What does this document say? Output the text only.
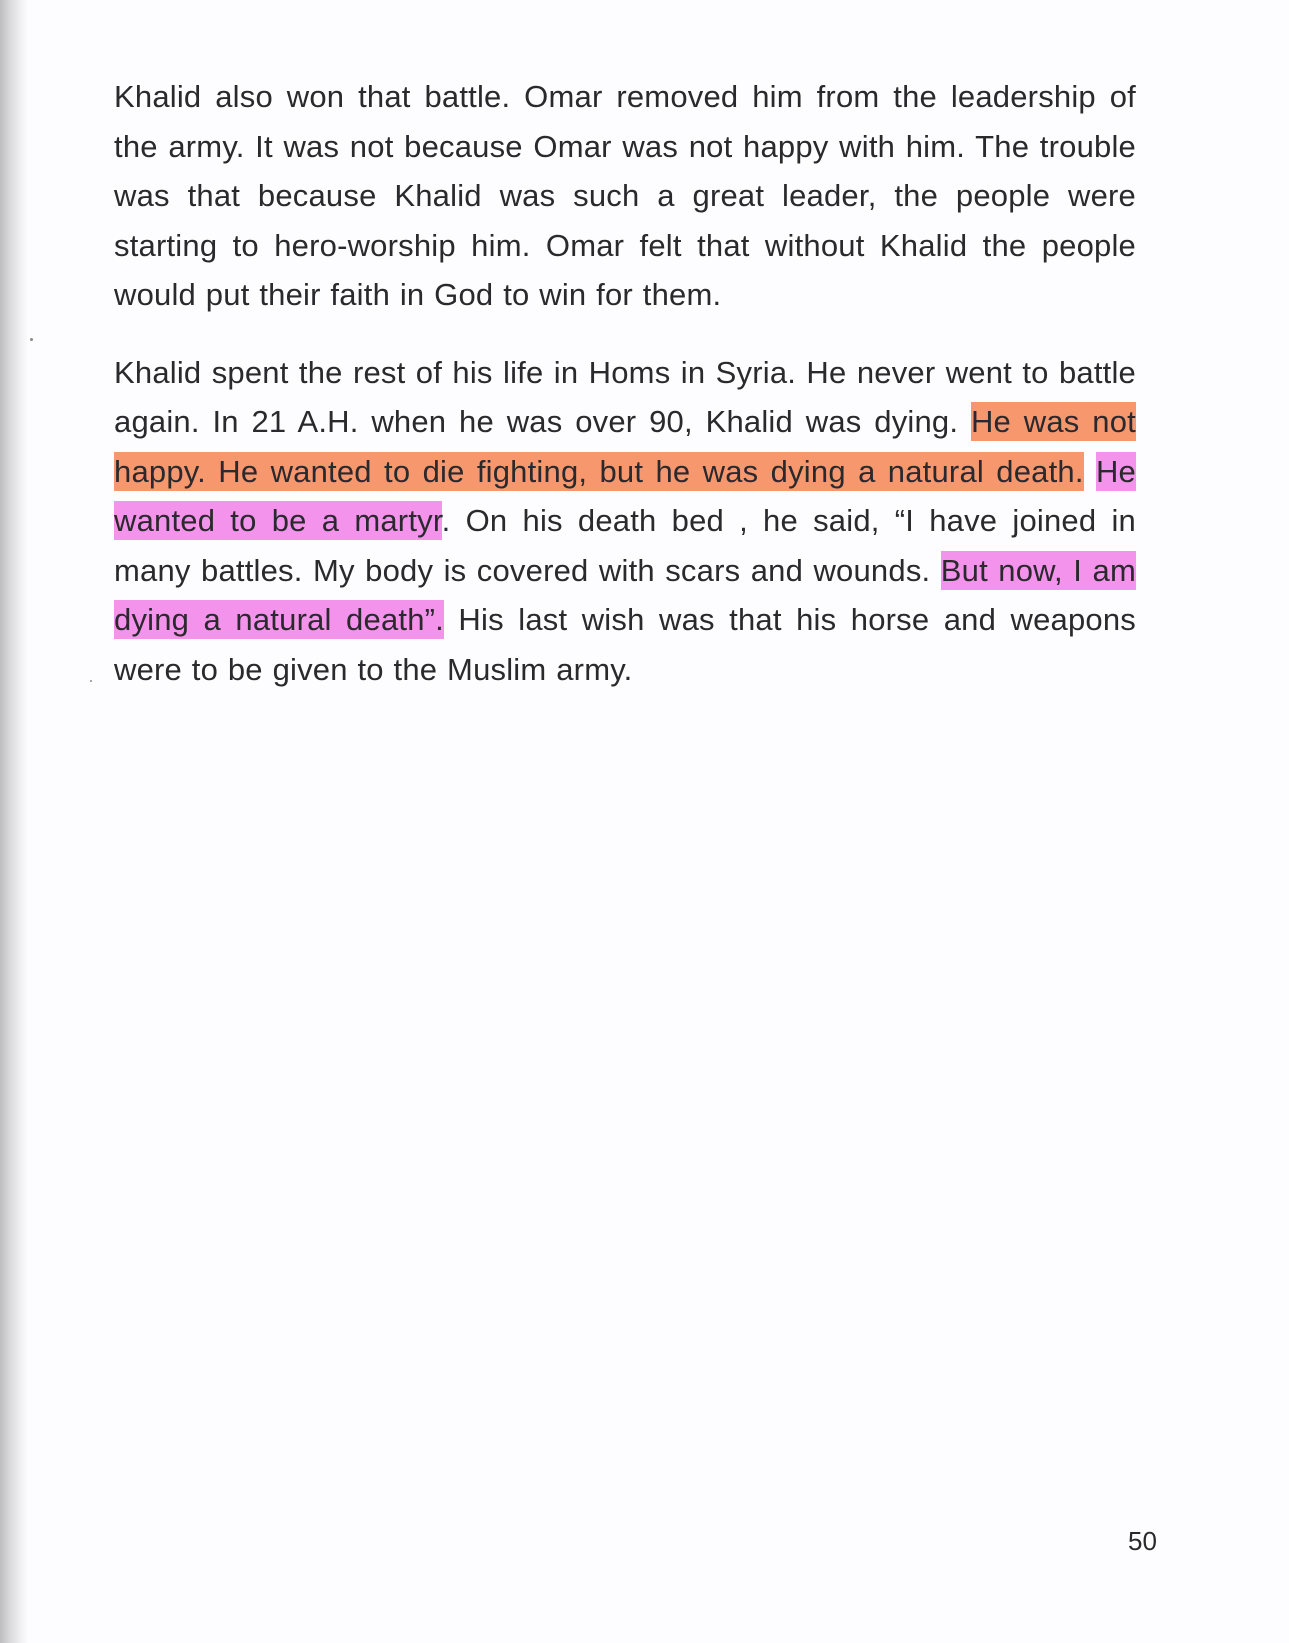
Khalid also won that battle. Omar removed him from the leadership of the army. It was not because Omar was not happy with him. The trouble was that because Khalid was such a great leader, the people were starting to hero-worship him. Omar felt that without Khalid the people would put their faith in God to win for them.

Khalid spent the rest of his life in Homs in Syria. He never went to battle again. In 21 A.H. when he was over 90, Khalid was dying. He was not happy. He wanted to die fighting, but he was dying a natural death. He wanted to be a martyr. On his death bed , he said, “I have joined in many battles. My body is covered with scars and wounds. But now, I am dying a natural death”. His last wish was that his horse and weapons were to be given to the Muslim army.

50
